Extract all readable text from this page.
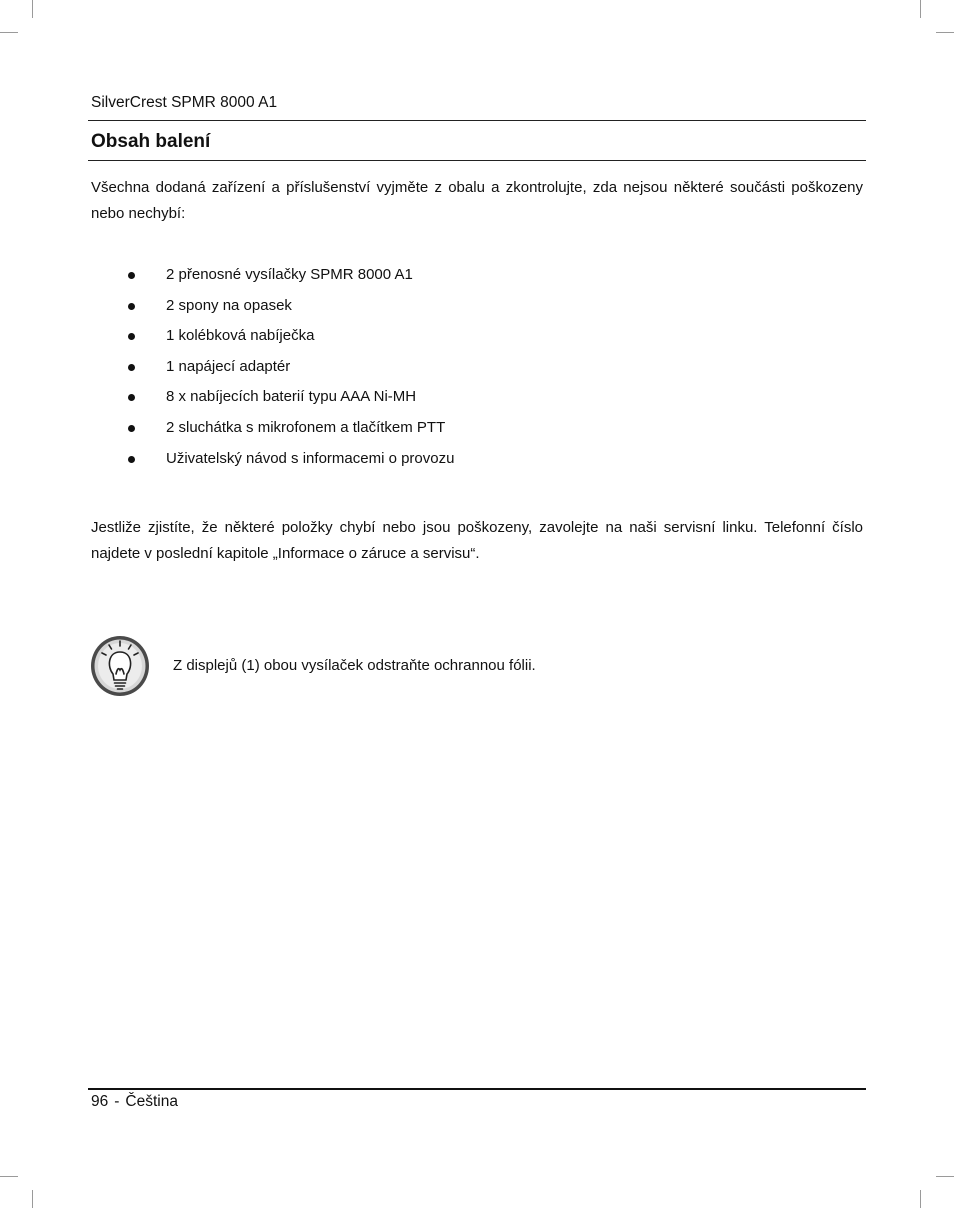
SilverCrest SPMR 8000 A1
Obsah balení

Všechna dodaná zařízení a příslušenství vyjměte z obalu a zkontrolujte, zda nejsou některé součásti poškozeny nebo nechybí:

2 přenosné vysílačky SPMR 8000 A1
2 spony na opasek
1 kolébková nabíječka
1 napájecí adaptér
8 x nabíjecích baterií typu AAA Ni-MH
2 sluchátka s mikrofonem a tlačítkem PTT
Uživatelský návod s informacemi o provozu

Jestliže zjistíte, že některé položky chybí nebo jsou poškozeny, zavolejte na naši servisní linku. Telefonní číslo najdete v poslední kapitole „Informace o záruce a servisu“.

Z displejů (1) obou vysílaček odstraňte ochrannou fólii.
96 - Čeština
